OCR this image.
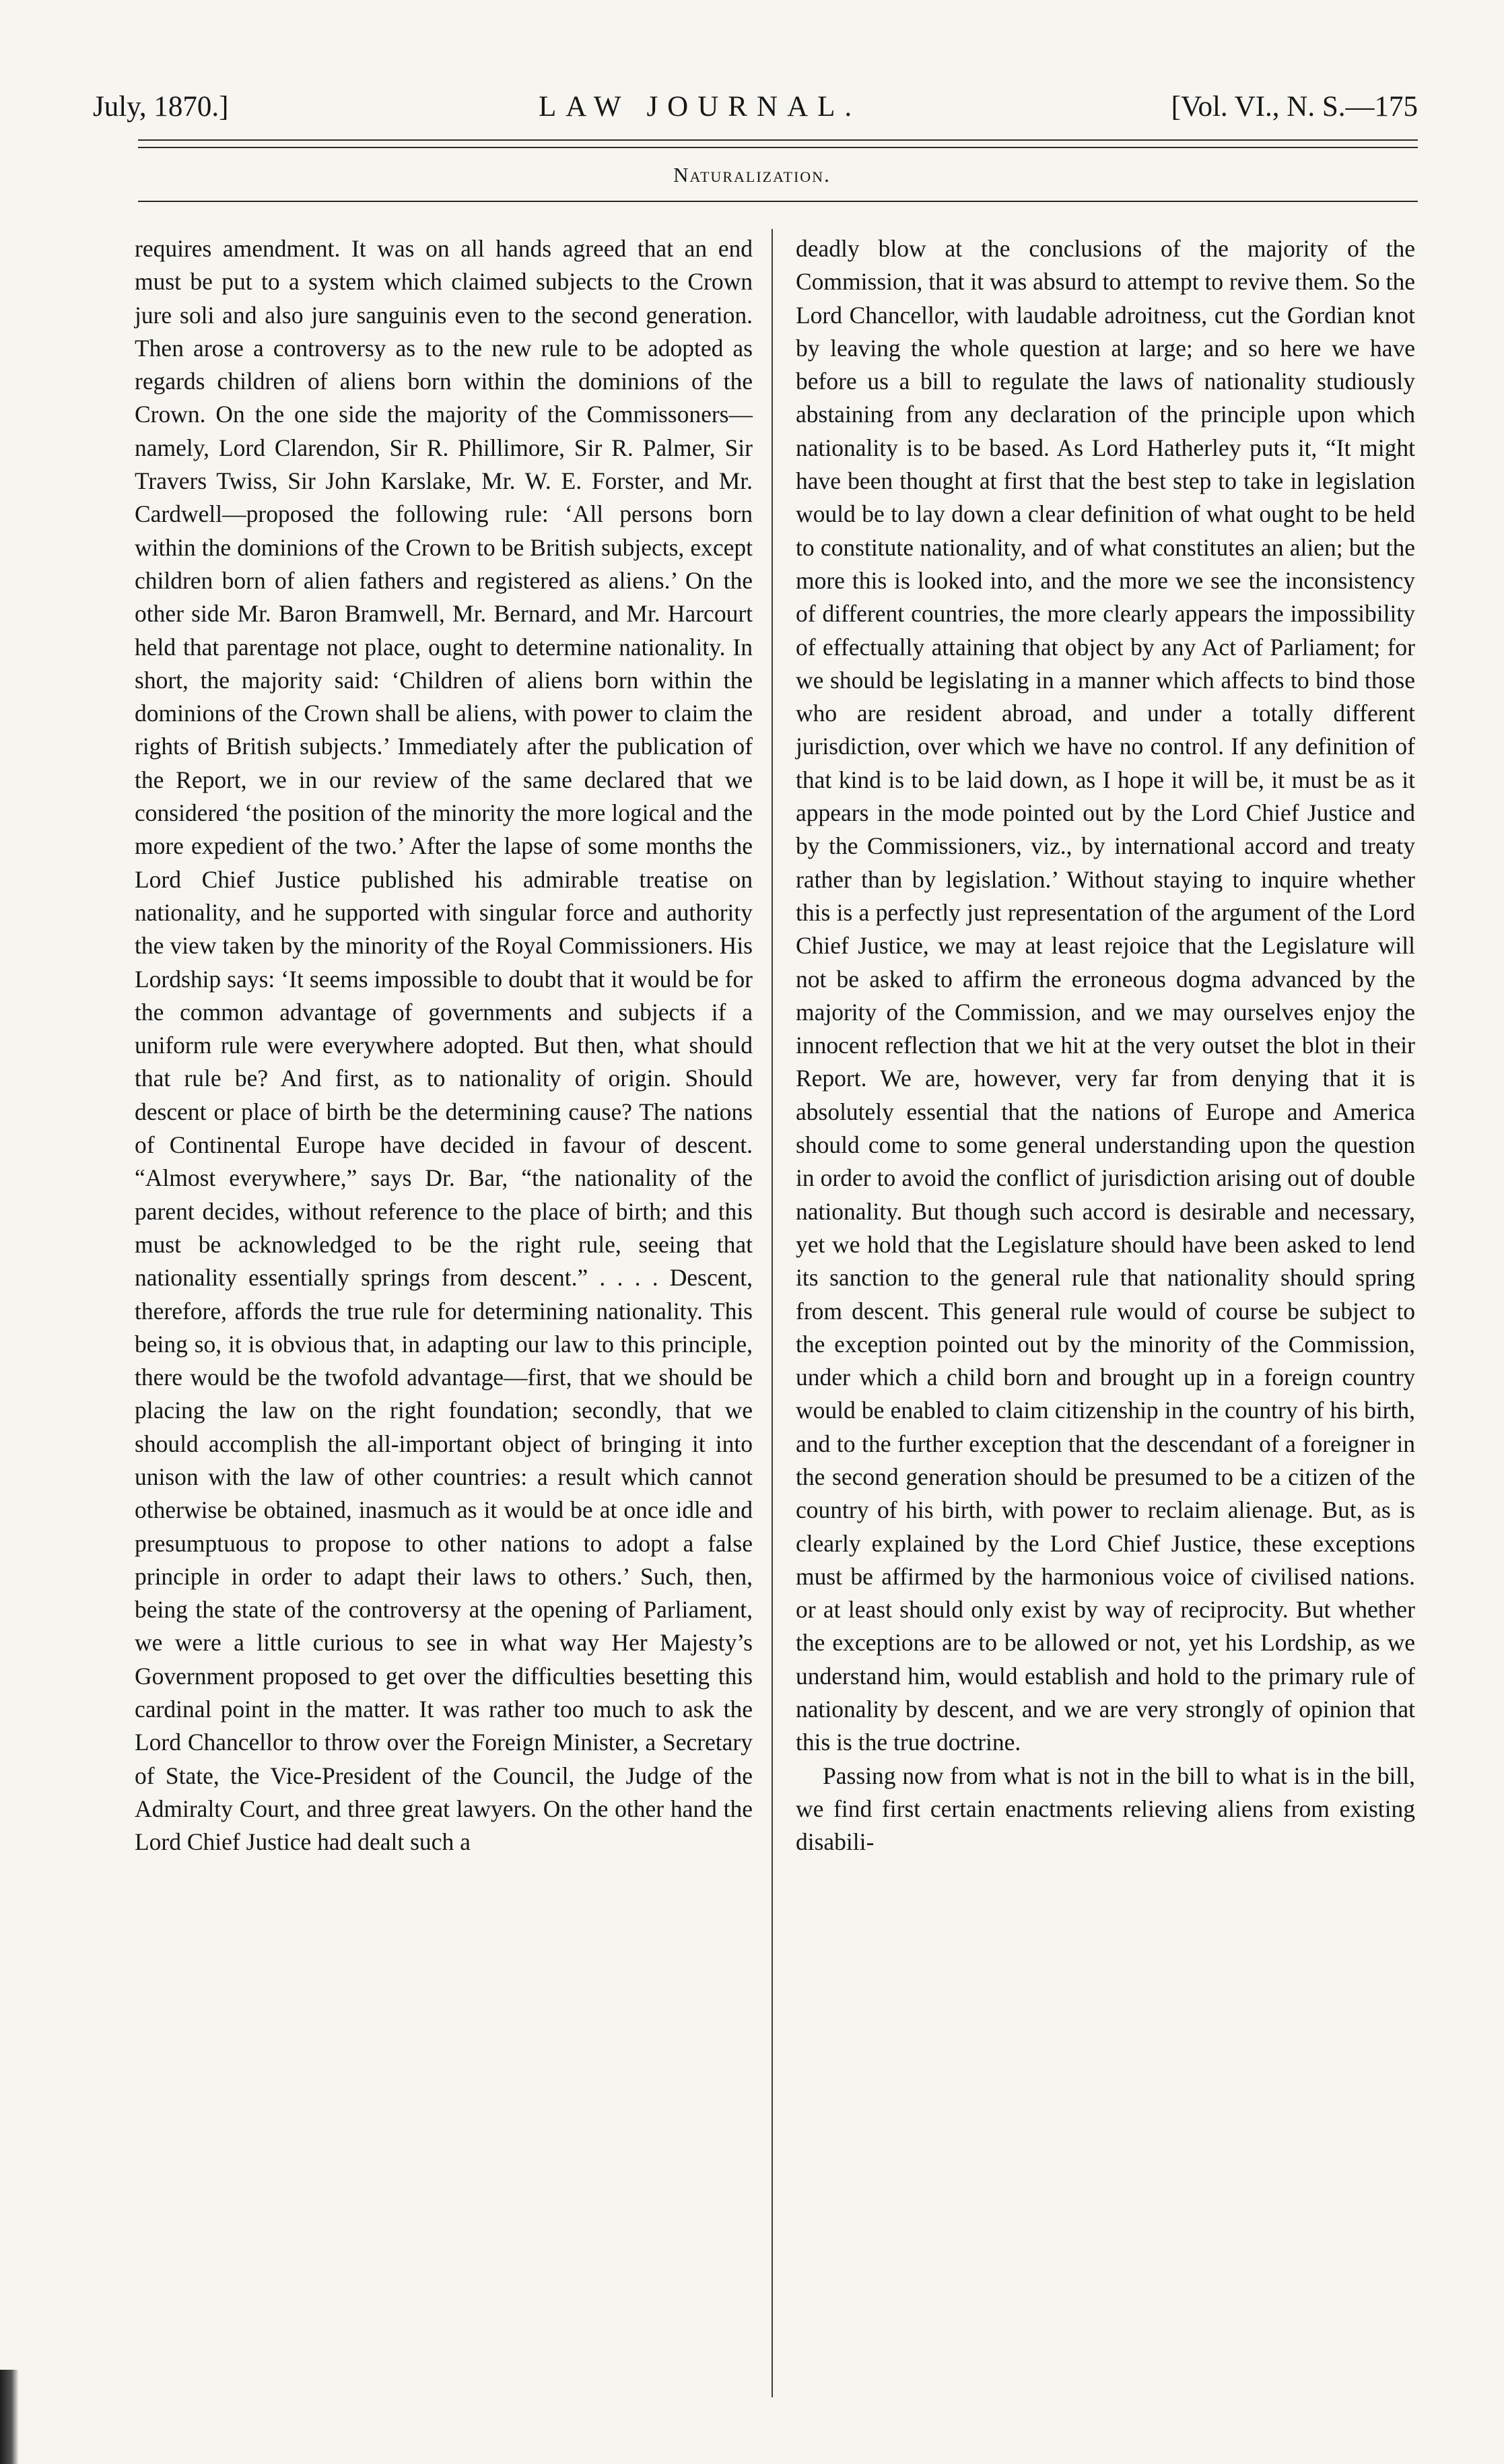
July, 1870.]	LAW JOURNAL.	[Vol. VI., N. S.—175
Naturalization.

requires amendment. It was on all hands agreed that an end must be put to a system which claimed subjects to the Crown jure soli and also jure sanguinis even to the second generation. Then arose a controversy as to the new rule to be adopted as regards children of aliens born within the dominions of the Crown. On the one side the majority of the Commissoners—namely, Lord Clarendon, Sir R. Phillimore, Sir R. Palmer, Sir Travers Twiss, Sir John Karslake, Mr. W. E. Forster, and Mr. Cardwell—proposed the following rule: ‘All persons born within the dominions of the Crown to be British subjects, except children born of alien fathers and registered as aliens.’ On the other side Mr. Baron Bramwell, Mr. Bernard, and Mr. Harcourt held that parentage not place, ought to determine nationality. In short, the majority said: ‘Children of aliens born within the dominions of the Crown shall be aliens, with power to claim the rights of British subjects.’ Immediately after the publication of the Report, we in our review of the same declared that we considered ‘the position of the minority the more logical and the more expedient of the two.’ After the lapse of some months the Lord Chief Justice published his admirable treatise on nationality, and he supported with singular force and authority the view taken by the minority of the Royal Commissioners. His Lordship says: ‘It seems impossible to doubt that it would be for the common advantage of governments and subjects if a uniform rule were everywhere adopted. But then, what should that rule be? And first, as to nationality of origin. Should descent or place of birth be the determining cause? The nations of Continental Europe have decided in favour of descent. “Almost everywhere,” says Dr. Bar, “the nationality of the parent decides, without reference to the place of birth; and this must be acknowledged to be the right rule, seeing that nationality essentially springs from descent.” . . . . Descent, therefore, affords the true rule for determining nationality. This being so, it is obvious that, in adapting our law to this principle, there would be the twofold advantage—first, that we should be placing the law on the right foundation; secondly, that we should accomplish the all-important object of bringing it into unison with the law of other countries: a result which cannot otherwise be obtained, inasmuch as it would be at once idle and presumptuous to propose to other nations to adopt a false principle in order to adapt their laws to others.’ Such, then, being the state of the controversy at the opening of Parliament, we were a little curious to see in what way Her Majesty’s Government proposed to get over the difficulties besetting this cardinal point in the matter. It was rather too much to ask the Lord Chancellor to throw over the Foreign Minister, a Secretary of State, the Vice-President of the Council, the Judge of the Admiralty Court, and three great lawyers. On the other hand the Lord Chief Justice had dealt such a

deadly blow at the conclusions of the majority of the Commission, that it was absurd to attempt to revive them. So the Lord Chancellor, with laudable adroitness, cut the Gordian knot by leaving the whole question at large; and so here we have before us a bill to regulate the laws of nationality studiously abstaining from any declaration of the principle upon which nationality is to be based. As Lord Hatherley puts it, “It might have been thought at first that the best step to take in legislation would be to lay down a clear definition of what ought to be held to constitute nationality, and of what constitutes an alien; but the more this is looked into, and the more we see the inconsistency of different countries, the more clearly appears the impossibility of effectually attaining that object by any Act of Parliament; for we should be legislating in a manner which affects to bind those who are resident abroad, and under a totally different jurisdiction, over which we have no control. If any definition of that kind is to be laid down, as I hope it will be, it must be as it appears in the mode pointed out by the Lord Chief Justice and by the Commissioners, viz., by international accord and treaty rather than by legislation.’ Without staying to inquire whether this is a perfectly just representation of the argument of the Lord Chief Justice, we may at least rejoice that the Legislature will not be asked to affirm the erroneous dogma advanced by the majority of the Commission, and we may ourselves enjoy the innocent reflection that we hit at the very outset the blot in their Report. We are, however, very far from denying that it is absolutely essential that the nations of Europe and America should come to some general understanding upon the question in order to avoid the conflict of jurisdiction arising out of double nationality. But though such accord is desirable and necessary, yet we hold that the Legislature should have been asked to lend its sanction to the general rule that nationality should spring from descent. This general rule would of course be subject to the exception pointed out by the minority of the Commission, under which a child born and brought up in a foreign country would be enabled to claim citizenship in the country of his birth, and to the further exception that the descendant of a foreigner in the second generation should be presumed to be a citizen of the country of his birth, with power to reclaim alienage. But, as is clearly explained by the Lord Chief Justice, these exceptions must be affirmed by the harmonious voice of civilised nations. or at least should only exist by way of reciprocity. But whether the exceptions are to be allowed or not, yet his Lordship, as we understand him, would establish and hold to the primary rule of nationality by descent, and we are very strongly of opinion that this is the true doctrine.

Passing now from what is not in the bill to what is in the bill, we find first certain enactments relieving aliens from existing disabili-
